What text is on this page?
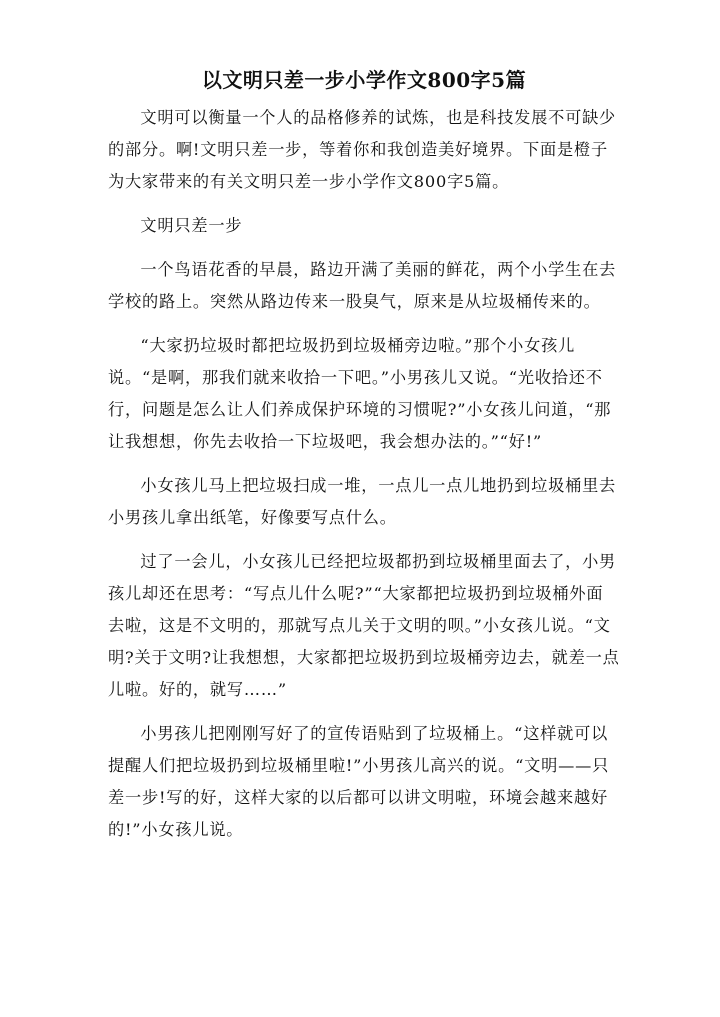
以文明只差一步小学作文800字5篇

文明可以衡量一个人的品格修养的试炼，也是科技发展不可缺少的部分。啊!文明只差一步，等着你和我创造美好境界。下面是橙子为大家带来的有关文明只差一步小学作文800字5篇。

文明只差一步

一个鸟语花香的早晨，路边开满了美丽的鲜花，两个小学生在去学校的路上。突然从路边传来一股臭气，原来是从垃圾桶传来的。

“大家扔垃圾时都把垃圾扔到垃圾桶旁边啦。”那个小女孩儿说。“是啊，那我们就来收拾一下吧。”小男孩儿又说。“光收拾还不行，问题是怎么让人们养成保护环境的习惯呢?”小女孩儿问道，“那让我想想，你先去收拾一下垃圾吧，我会想办法的。”“好!”

小女孩儿马上把垃圾扫成一堆，一点儿一点儿地扔到垃圾桶里去小男孩儿拿出纸笔，好像要写点什么。

过了一会儿，小女孩儿已经把垃圾都扔到垃圾桶里面去了，小男孩儿却还在思考：“写点儿什么呢?”“大家都把垃圾扔到垃圾桶外面去啦，这是不文明的，那就写点儿关于文明的呗。”小女孩儿说。“文明?关于文明?让我想想，大家都把垃圾扔到垃圾桶旁边去，就差一点儿啦。好的，就写……”

小男孩儿把刚刚写好了的宣传语贴到了垃圾桶上。“这样就可以提醒人们把垃圾扔到垃圾桶里啦!”小男孩儿高兴的说。“文明——只差一步!写的好，这样大家的以后都可以讲文明啦，环境会越来越好的!”小女孩儿说。
